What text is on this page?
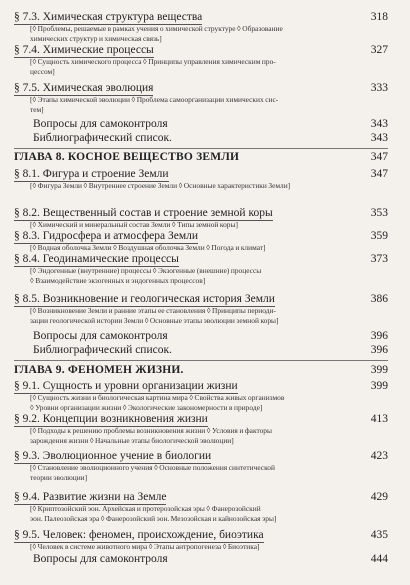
§ 7.3. Химическая структура вещества	318
[◊ Проблемы, решаемые в рамках учения о химической структуре ◊ Образование
химических структур и химическая связь]
§ 7.4. Химические процессы	327
[◊ Сущность химического процесса ◊ Принципы управления химическим про-
цессом]
§ 7.5. Химическая эволюция	333
[◊ Этапы химической эволюции ◊ Проблема самоорганизации химических сис-
тем]
Вопросы для самоконтроля	343
Библиографический список.	343
ГЛАВА 8. КОСНОЕ ВЕЩЕСТВО ЗЕМЛИ	347
§ 8.1. Фигура и строение Земли	347
[◊ Фигура Земли ◊ Внутреннее строение Земли ◊ Основные характеристики Земли]
§ 8.2. Вещественный состав и строение земной коры	353
[◊ Химический и минеральный состав Земли ◊ Типы земной коры]
§ 8.3. Гидросфера и атмосфера Земли	359
[◊ Водная оболочка Земли ◊ Воздушная оболочка Земли ◊ Погода и климат]
§ 8.4. Геодинамические процессы	373
[◊ Эндогенные (внутренние) процессы ◊ Экзогенные (внешние) процессы
◊ Взаимодействие экзогенных и эндогенных процессов]
§ 8.5. Возникновение и геологическая история Земли	386
[◊ Возникновение Земли и ранние этапы ее становления ◊ Принципы периоди-
зации геологической истории Земли ◊ Основные этапы эволюции земной коры]
Вопросы для самоконтроля	396
Библиографический список.	396
ГЛАВА 9. ФЕНОМЕН ЖИЗНИ.	399
§ 9.1. Сущность и уровни организации жизни	399
[◊ Сущность жизни и биологическая картина мира ◊ Свойства живых организмов
◊ Уровни организации жизни ◊ Экологические закономерности в природе]
§ 9.2. Концепции возникновения жизни	413
[◊ Подходы к решению проблемы возникновения жизни ◊ Условия и факторы
зарождения жизни ◊ Начальные этапы биологической эволюции]
§ 9.3. Эволюционное учение в биологии	423
[◊ Становление эволюционного учения ◊ Основные положения синтетической
теории эволюции]
§ 9.4. Развитие жизни на Земле	429
[◊ Криптозойский эон. Архейская и протерозойская эры ◊ Фанерозойский
эон. Палеозойская эра ◊ Фанерозойский эон. Мезозойская и кайнозойская эры]
§ 9.5. Человек: феномен, происхождение, биоэтика	435
[◊ Человек в системе животного мира ◊ Этапы антропогенеза ◊ Биоэтика]
Вопросы для самоконтроля	444
